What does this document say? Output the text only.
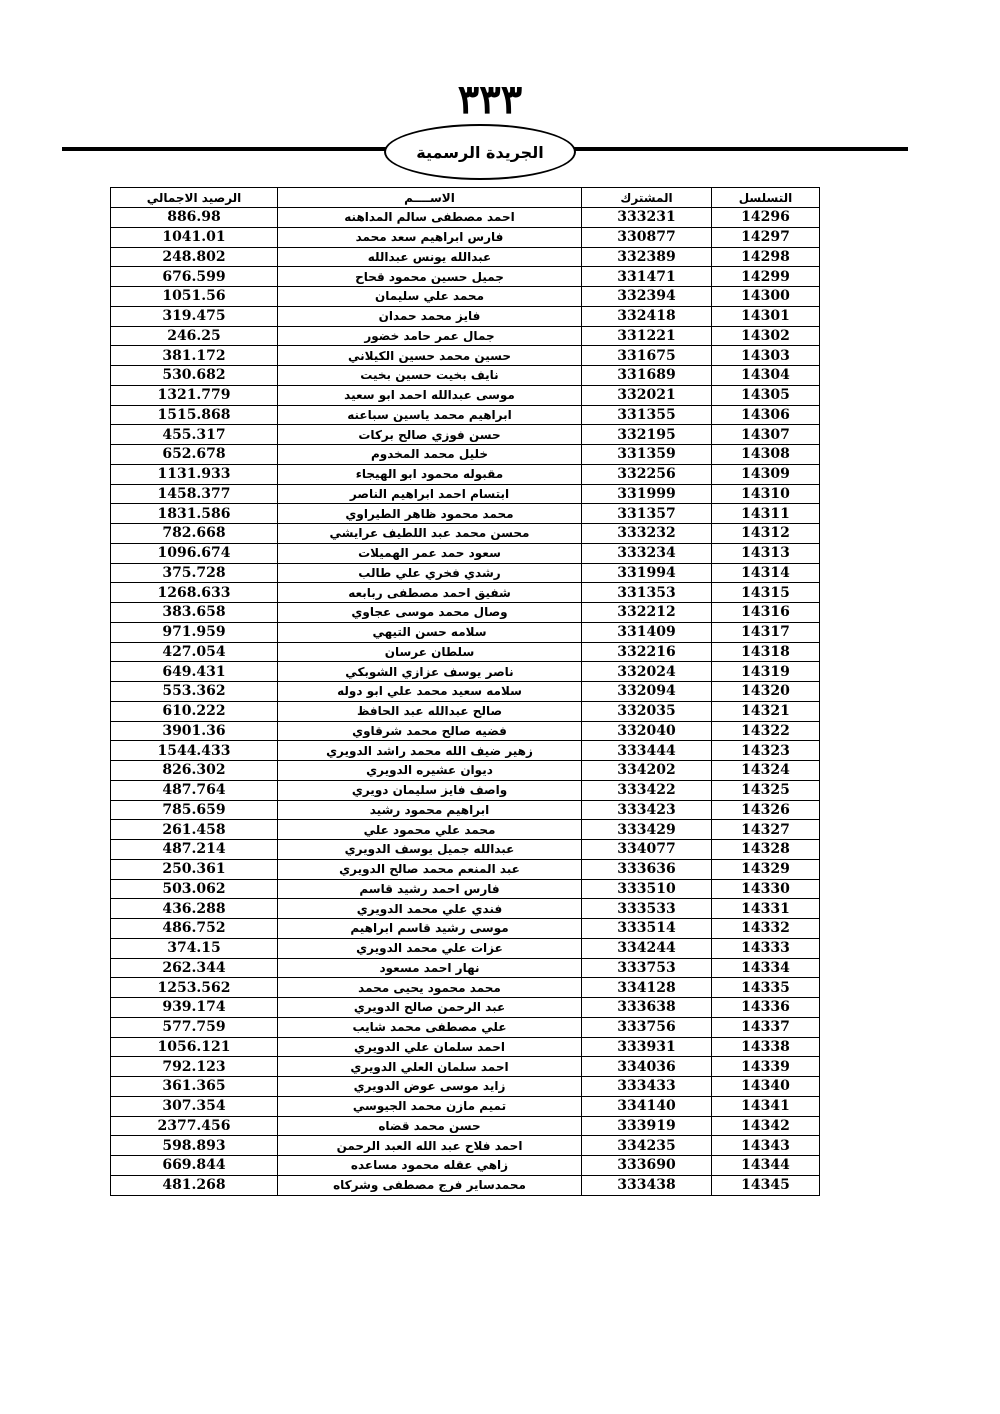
٣٣٣
الجريدة الرسمية
التسلسل	المشترك	الاســــم	الرصيد الاجمالي
14296	333231	احمد مصطفى سالم المداهنه	886.98
14297	330877	فارس ابراهيم سعد محمد	1041.01
14298	332389	عبدالله يونس عبدالله	248.802
14299	331471	جميل حسين محمود قحاح	676.599
14300	332394	محمد علي سليمان	1051.56
14301	332418	فايز محمد حمدان	319.475
14302	331221	جمال عمر حامد خضور	246.25
14303	331675	حسين محمد حسين الكيلاني	381.172
14304	331689	نايف بخيت حسين بخيت	530.682
14305	332021	موسى عبدالله احمد ابو سعيد	1321.779
14306	331355	ابراهيم محمد ياسين سباعنه	1515.868
14307	332195	حسن فوزي صالح بركات	455.317
14308	331359	خليل محمد المخدوم	652.678
14309	332256	مقبوله محمود ابو الهيجاء	1131.933
14310	331999	ابتسام احمد ابراهيم الناصر	1458.377
14311	331357	محمد محمود ظاهر الطيراوي	1831.586
14312	333232	محسن محمد عبد اللطيف عرايشي	782.668
14313	333234	سعود حمد عمر الهميلات	1096.674
14314	331994	رشدي فخري علي طالب	375.728
14315	331353	شفيق احمد مصطفى ربابعه	1268.633
14316	332212	وصال محمد موسى عجاوي	383.658
14317	331409	سلامه حسن التيهي	971.959
14318	332216	سلطان عرسان	427.054
14319	332024	ناصر يوسف عزازي الشوبكي	649.431
14320	332094	سلامه سعيد محمد علي ابو دوله	553.362
14321	332035	صالح عبدالله عبد الحافظ	610.222
14322	332040	فضيه صالح محمد شرقاوي	3901.36
14323	333444	زهير ضيف الله محمد راشد الدويري	1544.433
14324	334202	ديوان عشيره الدويري	826.302
14325	333422	واصف فايز سليمان دويري	487.764
14326	333423	ابراهيم محمود رشيد	785.659
14327	333429	محمد علي محمود علي	261.458
14328	334077	عبدالله جميل يوسف الدويري	487.214
14329	333636	عبد المنعم محمد صالح الدويري	250.361
14330	333510	فارس احمد رشيد قاسم	503.062
14331	333533	فندي علي محمد الدويري	436.288
14332	333514	موسى رشيد قاسم ابراهيم	486.752
14333	334244	عزات علي محمد الدويري	374.15
14334	333753	نهار احمد مسعود	262.344
14335	334128	محمد محمود يحيى محمد	1253.562
14336	333638	عبد الرحمن صالح الدويري	939.174
14337	333756	علي مصطفى محمد شايب	577.759
14338	333931	احمد سلمان علي الدويري	1056.121
14339	334036	احمد سلمان العلي الدويري	792.123
14340	333433	زايد موسى عوض الدويري	361.365
14341	334140	تميم مازن محمد الجيوسي	307.354
14342	333919	حسن محمد قضاه	2377.456
14343	334235	احمد فلاح عبد الله العبد الرحمن	598.893
14344	333690	زاهي عقله محمود مساعده	669.844
14345	333438	محمدساير فرج مصطفى وشركاه	481.268
